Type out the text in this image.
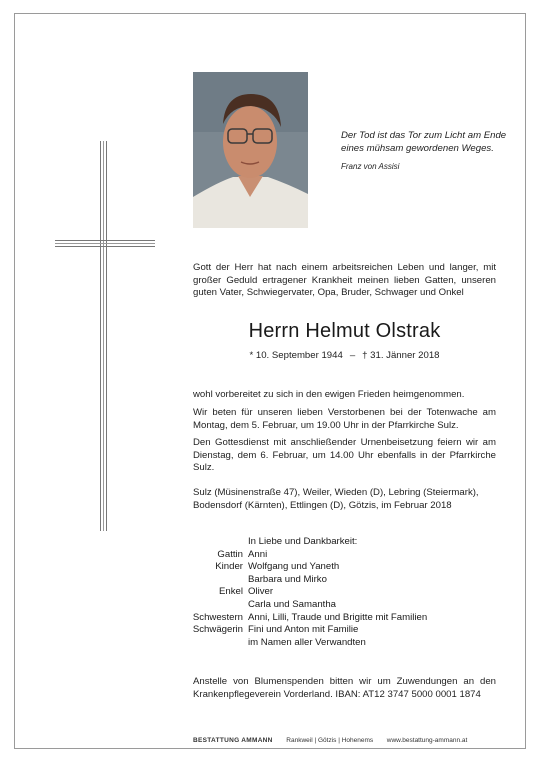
Der Tod ist das Tor zum Licht am Ende
eines mühsam gewordenen Weges.
Franz von Assisi
Gott der Herr hat nach einem arbeitsreichen Leben und langer, mit großer Geduld ertragener Krankheit meinen lieben Gatten, unseren guten Vater, Schwiegervater, Opa, Bruder, Schwager und Onkel
Herrn Helmut Olstrak
* 10. September 1944 – † 31. Jänner 2018
wohl vorbereitet zu sich in den ewigen Frieden heimgenommen.
Wir beten für unseren lieben Verstorbenen bei der Totenwache am Montag, dem 5. Februar, um 19.00 Uhr in der Pfarrkirche Sulz.
Den Gottesdienst mit anschließender Urnenbeisetzung feiern wir am Dienstag, dem 6. Februar, um 14.00 Uhr ebenfalls in der Pfarrkirche Sulz.
Sulz (Müsinenstraße 47), Weiler, Wieden (D), Lebring (Steiermark), Bodensdorf (Kärnten), Ettlingen (D), Götzis, im Februar 2018
In Liebe und Dankbarkeit:
Gattin Anni
Kinder Wolfgang und Yaneth
Barbara und Mirko
Enkel Oliver
Carla und Samantha
Schwestern Anni, Lilli, Traude und Brigitte mit Familien
Schwägerin Fini und Anton mit Familie
im Namen aller Verwandten
Anstelle von Blumenspenden bitten wir um Zuwendungen an den Krankenpflegeverein Vorderland. IBAN: AT12 3747 5000 0001 1874
BESTATTUNG AMMANN Rankweil | Götzis | Hohenems www.bestattung-ammann.at
